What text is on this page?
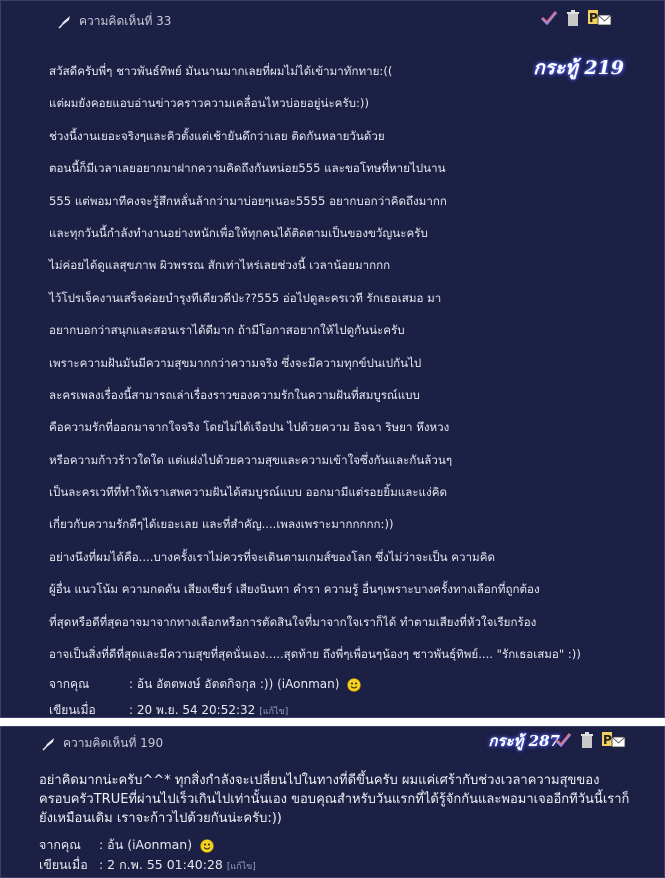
ความคิดเห็นที่ 33	P
กระทู้ 219
สวัสดีครับพี่ๆ ชาวพันธ์ทิพย์ มันนานมากเลยที่ผมไม่ได้เข้ามาทักทาย:((
แต่ผมยังคอยแอบอ่านข่าวคราวความเคลื่อนไหวบ่อยอยู่น่ะครับ:))
ช่วงนี้งานเยอะจริงๆและคิวตั้งแต่เช้ายันดึกว่าเลย ติดกันหลายวันด้วย
ตอนนี้ก็มีเวลาเลยอยากมาฝากความคิดถึงกันหน่อย555 และขอโทษที่หายไปนาน
555 แต่พอมาทีคงจะรู้สึกหลั่นล้ากว่ามาบ่อยๆเนอะ5555 อยากบอกว่าคิดถึงมากก
และทุกวันนี้กำลังทำงานอย่างหนักเพื่อให้ทุกคนได้ติดตามเป็นของขวัญนะครับ
ไม่ค่อยได้ดูแลสุขภาพ ผิวพรรณ สักเท่าไหร่เลยช่วงนี้ เวลาน้อยมากกก
ไว้โปรเจ็คงานเสร็จค่อยบำรุงทีเดียวดีป่ะ??555 อ่อไปดูละครเวที รักเธอเสมอ มา
อยากบอกว่าสนุกและสอนเราได้ดีมาก ถ้ามีโอกาสอยากให้ไปดูกันน่ะครับ
เพราะความฝันมันมีความสุขมากกว่าความจริง ซึ่งจะมีความทุกข์ปนเปกันไป
ละครเพลงเรื่องนี้สามารถเล่าเรื่องราวของความรักในความฝันที่สมบูรณ์แบบ
คือความรักที่ออกมาจากใจจริง โดยไม่ได้เจือปน ไปด้วยความ อิจฉา ริษยา หึงหวง
หรือความก้าวร้าวใดใด แต่แฝงไปด้วยความสุขและความเข้าใจซึ่งกันและกันล้วนๆ
เป็นละครเวทีที่ทำให้เราเสพความฝันได้สมบูรณ์แบบ ออกมามีแต่รอยยิ้มและแง่คิด
เกี่ยวกับความรักดีๆได้เยอะเลย และที่สำคัญ....เพลงเพราะมากกกกก:))
อย่างนึงที่ผมได้คือ....บางครั้งเราไม่ควรที่จะเดินตามเกมส์ของโลก ซึ่งไม่ว่าจะเป็น ความคิด
ผู้อื่น แนวโน้ม ความกดดัน เสียงเชียร์ เสียงนินทา คำรา ความรู้ อื่นๆเพราะบางครั้งทางเลือกที่ถูกต้อง
ที่สุดหรือดีที่สุดอาจมาจากทางเลือกหรือการตัดสินใจที่มาจากใจเราก็ได้ ทำตามเสียงที่หัวใจเรียกร้อง
อาจเป็นสิ่งที่ดีที่สุดและมีความสุขที่สุดนั่นเอง.....สุดท้าย ถึงพี่ๆเพื่อนๆน้องๆ ชาวพันธุ์ทิพย์.... "รักเธอเสมอ" :))
จากคุณ	: อ้น อัตตพงษ์ อัตตกิจกุล :)) (iAonman)
เขียนเมื่อ	: 20 พ.ย. 54 20:52:32 [แก้ไข]
ความคิดเห็นที่ 190	กระทู้ 287	P
อย่าคิดมากน่ะครับ^^* ทุกสิ่งกำลังจะเปลี่ยนไปในทางที่ดีขึ้นครับ ผมแค่เศร้ากับช่วงเวลาความสุขของครอบครัวTRUEที่ผ่านไปเร็วเกินไปเท่านั้นเอง ขอบคุณสำหรับวันแรกที่ได้รู้จักกันและพอมาเจออีกทีวันนี้เราก็ยังเหมือนเดิม เราจะก้าวไปด้วยกันน่ะครับ:))
จากคุณ : อ้น (iAonman)
เขียนเมื่อ : 2 ก.พ. 55 01:40:28 [แก้ไข]
